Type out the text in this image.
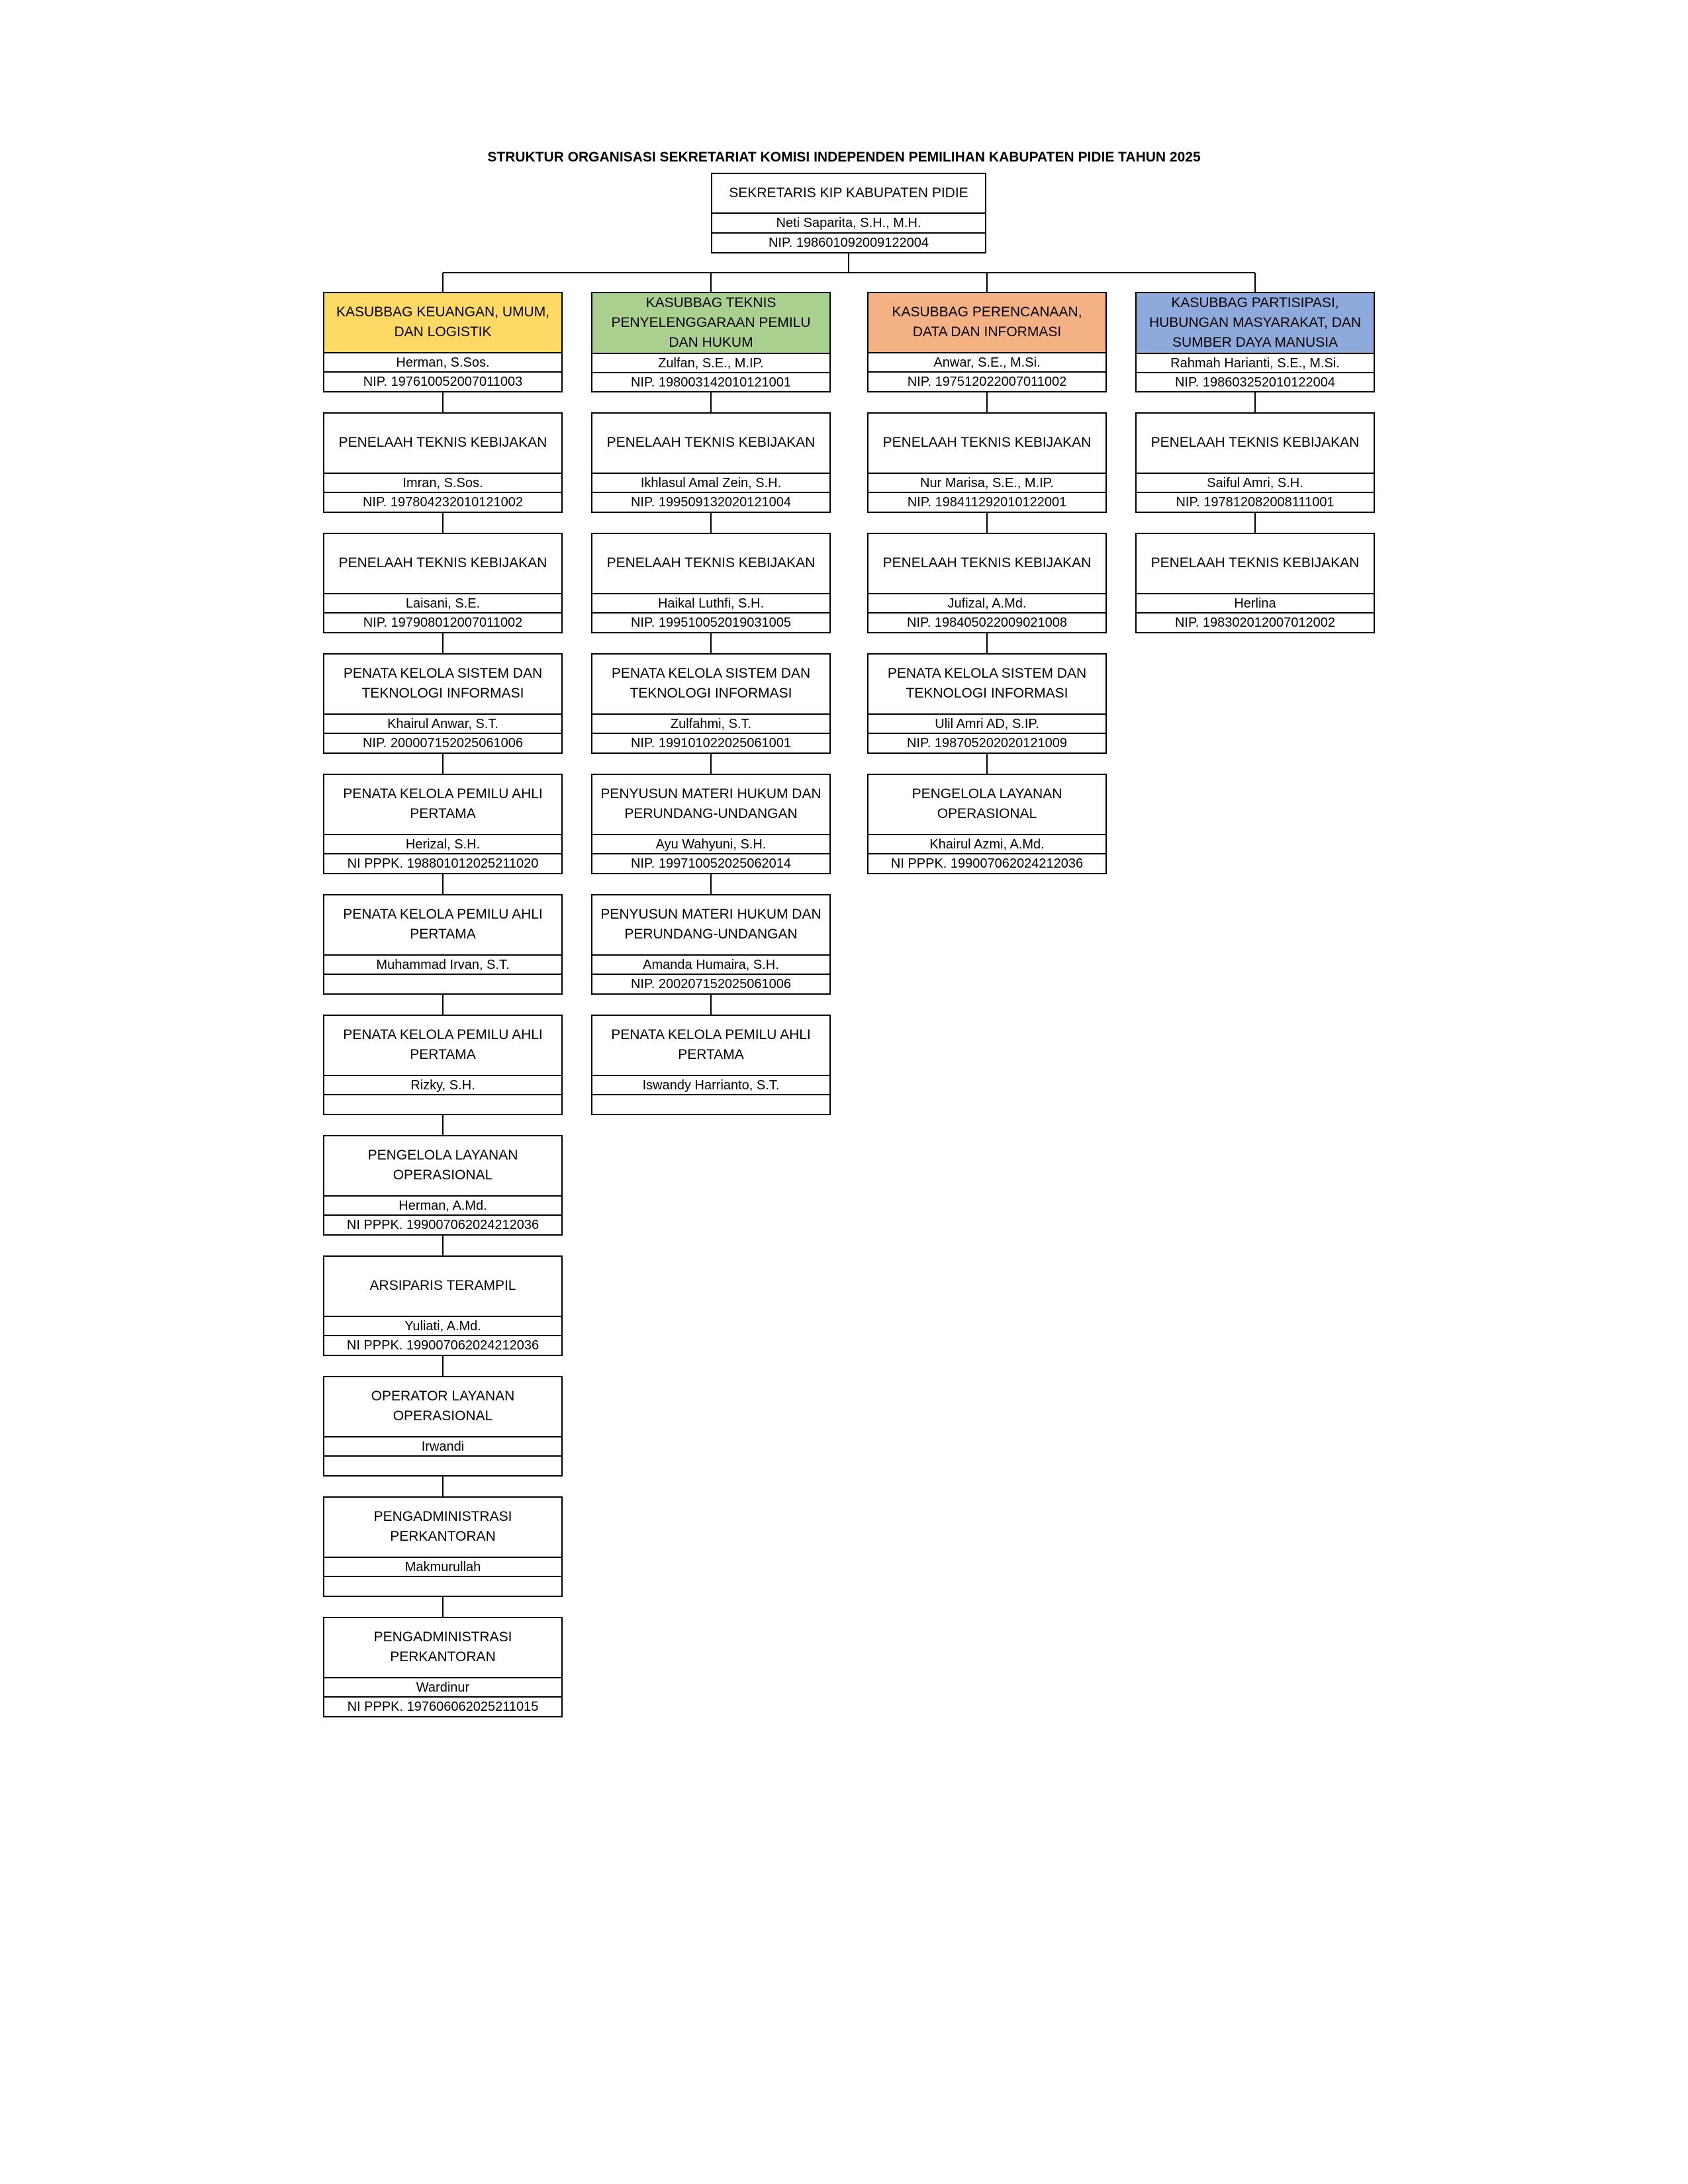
STRUKTUR ORGANISASI SEKRETARIAT KOMISI INDEPENDEN PEMILIHAN KABUPATEN PIDIE TAHUN 2025
SEKRETARIS KIP KABUPATEN PIDIE
Neti Saparita, S.H., M.H.
NIP. 198601092009122004
KASUBBAG KEUANGAN, UMUM, DAN LOGISTIK
Herman, S.Sos.
NIP. 197610052007011003
PENELAAH TEKNIS KEBIJAKAN
Imran, S.Sos.
NIP. 197804232010121002
PENELAAH TEKNIS KEBIJAKAN
Laisani, S.E.
NIP. 197908012007011002
PENATA KELOLA SISTEM DAN TEKNOLOGI INFORMASI
Khairul Anwar, S.T.
NIP. 200007152025061006
PENATA KELOLA PEMILU AHLI PERTAMA
Herizal, S.H.
NI PPPK. 198801012025211020
PENATA KELOLA PEMILU AHLI PERTAMA
Muhammad Irvan, S.T.
PENATA KELOLA PEMILU AHLI PERTAMA
Rizky, S.H.
PENGELOLA LAYANAN OPERASIONAL
Herman, A.Md.
NI PPPK. 199007062024212036
ARSIPARIS TERAMPIL
Yuliati, A.Md.
NI PPPK. 199007062024212036
OPERATOR LAYANAN OPERASIONAL
Irwandi
PENGADMINISTRASI PERKANTORAN
Makmurullah
PENGADMINISTRASI PERKANTORAN
Wardinur
NI PPPK. 197606062025211015
KASUBBAG TEKNIS PENYELENGGARAAN PEMILU DAN HUKUM
Zulfan, S.E., M.IP.
NIP. 198003142010121001
PENELAAH TEKNIS KEBIJAKAN
Ikhlasul Amal Zein, S.H.
NIP. 199509132020121004
PENELAAH TEKNIS KEBIJAKAN
Haikal Luthfi, S.H.
NIP. 199510052019031005
PENATA KELOLA SISTEM DAN TEKNOLOGI INFORMASI
Zulfahmi, S.T.
NIP. 199101022025061001
PENYUSUN MATERI HUKUM DAN PERUNDANG-UNDANGAN
Ayu Wahyuni, S.H.
NIP. 199710052025062014
PENYUSUN MATERI HUKUM DAN PERUNDANG-UNDANGAN
Amanda Humaira, S.H.
NIP. 200207152025061006
PENATA KELOLA PEMILU AHLI PERTAMA
Iswandy Harrianto, S.T.
KASUBBAG PERENCANAAN, DATA DAN INFORMASI
Anwar, S.E., M.Si.
NIP. 197512022007011002
PENELAAH TEKNIS KEBIJAKAN
Nur Marisa, S.E., M.IP.
NIP. 198411292010122001
PENELAAH TEKNIS KEBIJAKAN
Jufizal, A.Md.
NIP. 198405022009021008
PENATA KELOLA SISTEM DAN TEKNOLOGI INFORMASI
Ulil Amri AD, S.IP.
NIP. 198705202020121009
PENGELOLA LAYANAN OPERASIONAL
Khairul Azmi, A.Md.
NI PPPK. 199007062024212036
KASUBBAG PARTISIPASI, HUBUNGAN MASYARAKAT, DAN SUMBER DAYA MANUSIA
Rahmah Harianti, S.E., M.Si.
NIP. 198603252010122004
PENELAAH TEKNIS KEBIJAKAN
Saiful Amri, S.H.
NIP. 197812082008111001
PENELAAH TEKNIS KEBIJAKAN
Herlina
NIP. 198302012007012002
